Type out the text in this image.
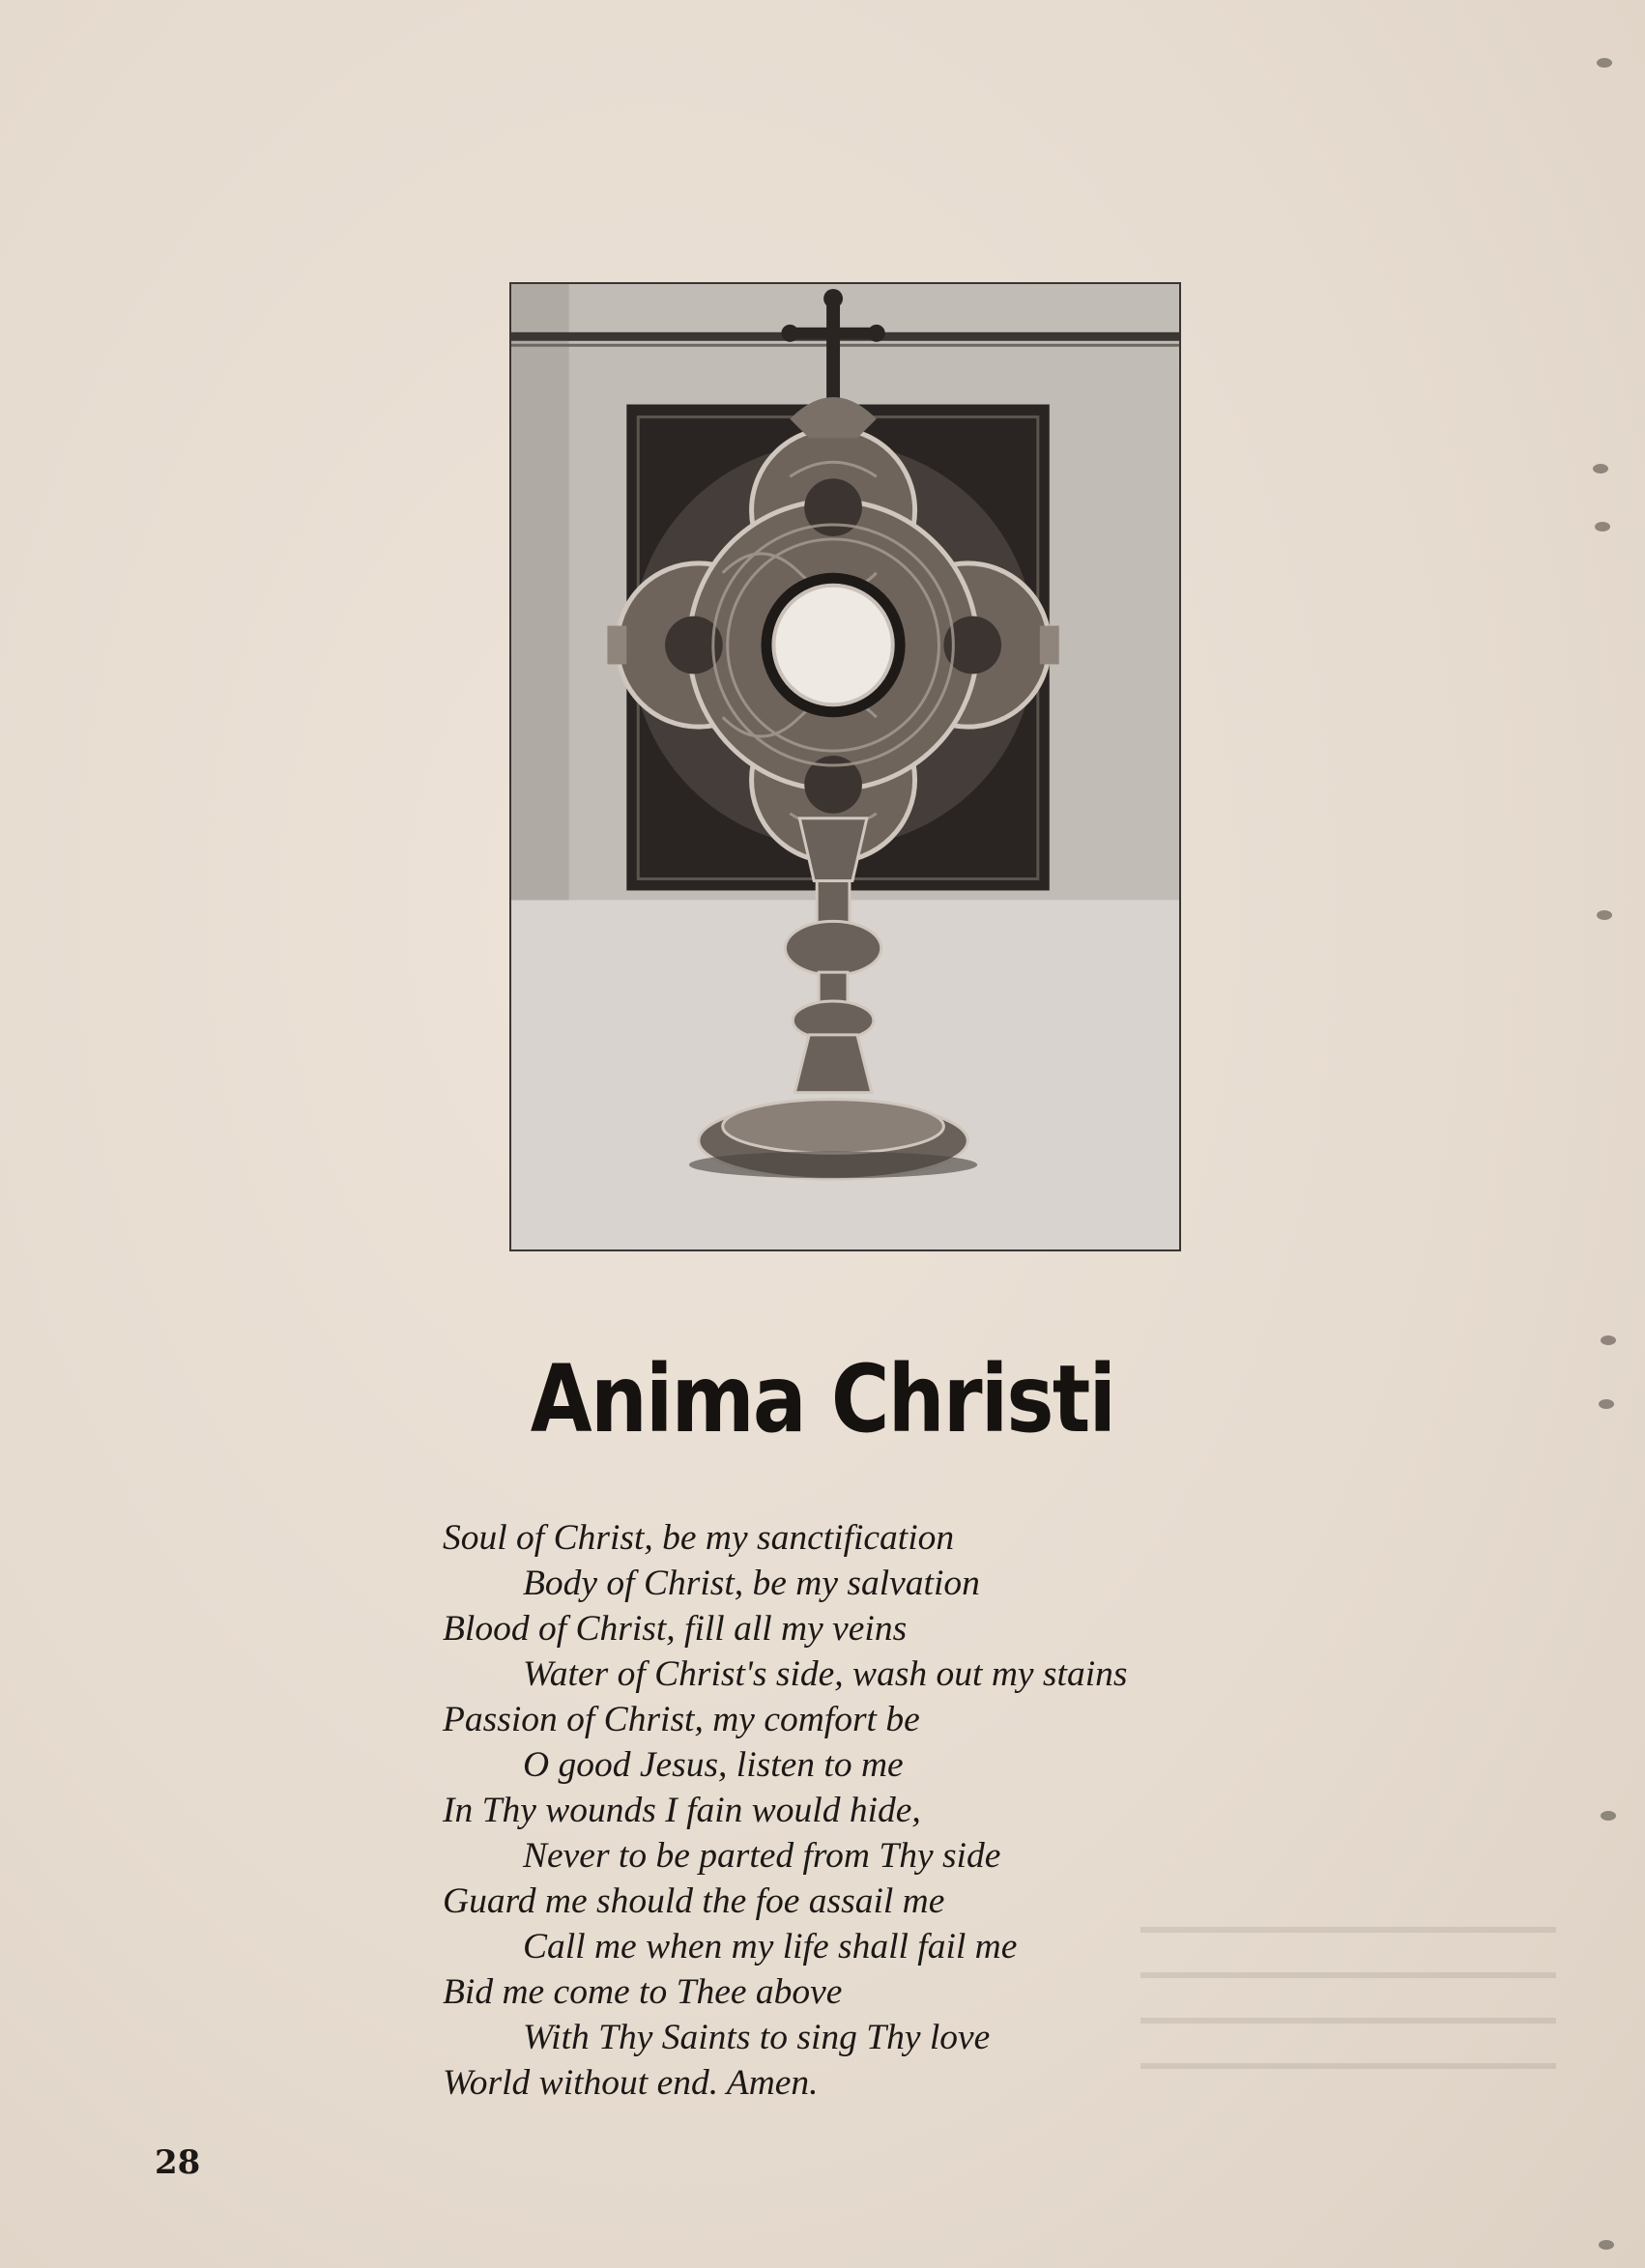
Anima Christi
Soul of Christ, be my sanctification
Body of Christ, be my salvation
Blood of Christ, fill all my veins
Water of Christ's side, wash out my stains
Passion of Christ, my comfort be
O good Jesus, listen to me
In Thy wounds I fain would hide,
Never to be parted from Thy side
Guard me should the foe assail me
Call me when my life shall fail me
Bid me come to Thee above
With Thy Saints to sing Thy love
World without end. Amen.
28
